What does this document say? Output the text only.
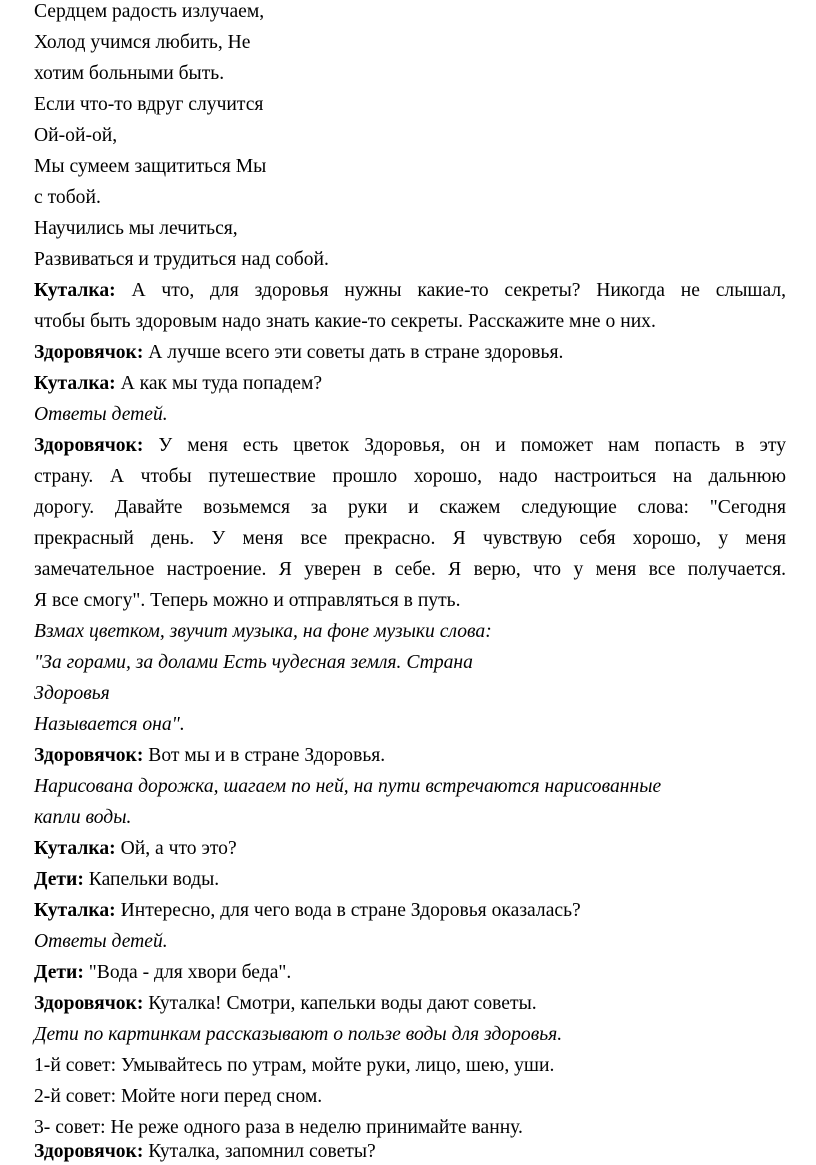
Сердцем радость излучаем,
Холод учимся любить, Не
хотим больными быть.
Если что-то вдруг случится
Ой-ой-ой,
Мы сумеем защититься Мы
с тобой.
Научились мы лечиться,
Развиваться и трудиться над собой.
Куталка: А что, для здоровья нужны какие-то секреты? Никогда не слышал,
чтобы быть здоровым надо знать какие-то секреты. Расскажите мне о них.
Здоровячок: А лучше всего эти советы дать в стране здоровья.
Куталка: А как мы туда попадем?
Ответы детей.
Здоровячок: У меня есть цветок Здоровья, он и поможет нам попасть в эту
страну. А чтобы путешествие прошло хорошо, надо настроиться на дальнюю
дорогу. Давайте возьмемся за руки и скажем следующие слова: "Сегодня
прекрасный день. У меня все прекрасно. Я чувствую себя хорошо, у меня
замечательное настроение. Я уверен в себе. Я верю, что у меня все получается.
Я все смогу". Теперь можно и отправляться в путь.
Взмах цветком, звучит музыка, на фоне музыки слова:
"За горами, за долами Есть чудесная земля. Страна
Здоровья
Называется она".
Здоровячок: Вот мы и в стране Здоровья.
Нарисована дорожка, шагаем по ней, на пути встречаются нарисованные
капли воды.
Куталка: Ой, а что это?
Дети: Капельки воды.
Куталка: Интересно, для чего вода в стране Здоровья оказалась?
Ответы детей.
Дети: "Вода - для хвори беда".
Здоровячок: Куталка! Смотри, капельки воды дают советы.
Дети по картинкам рассказывают о пользе воды для здоровья.
1-й совет: Умывайтесь по утрам, мойте руки, лицо, шею, уши.
2-й совет: Мойте ноги перед сном.
3- совет: Не реже одного раза в неделю принимайте ванну.
Здоровячок: Куталка, запомнил советы?
